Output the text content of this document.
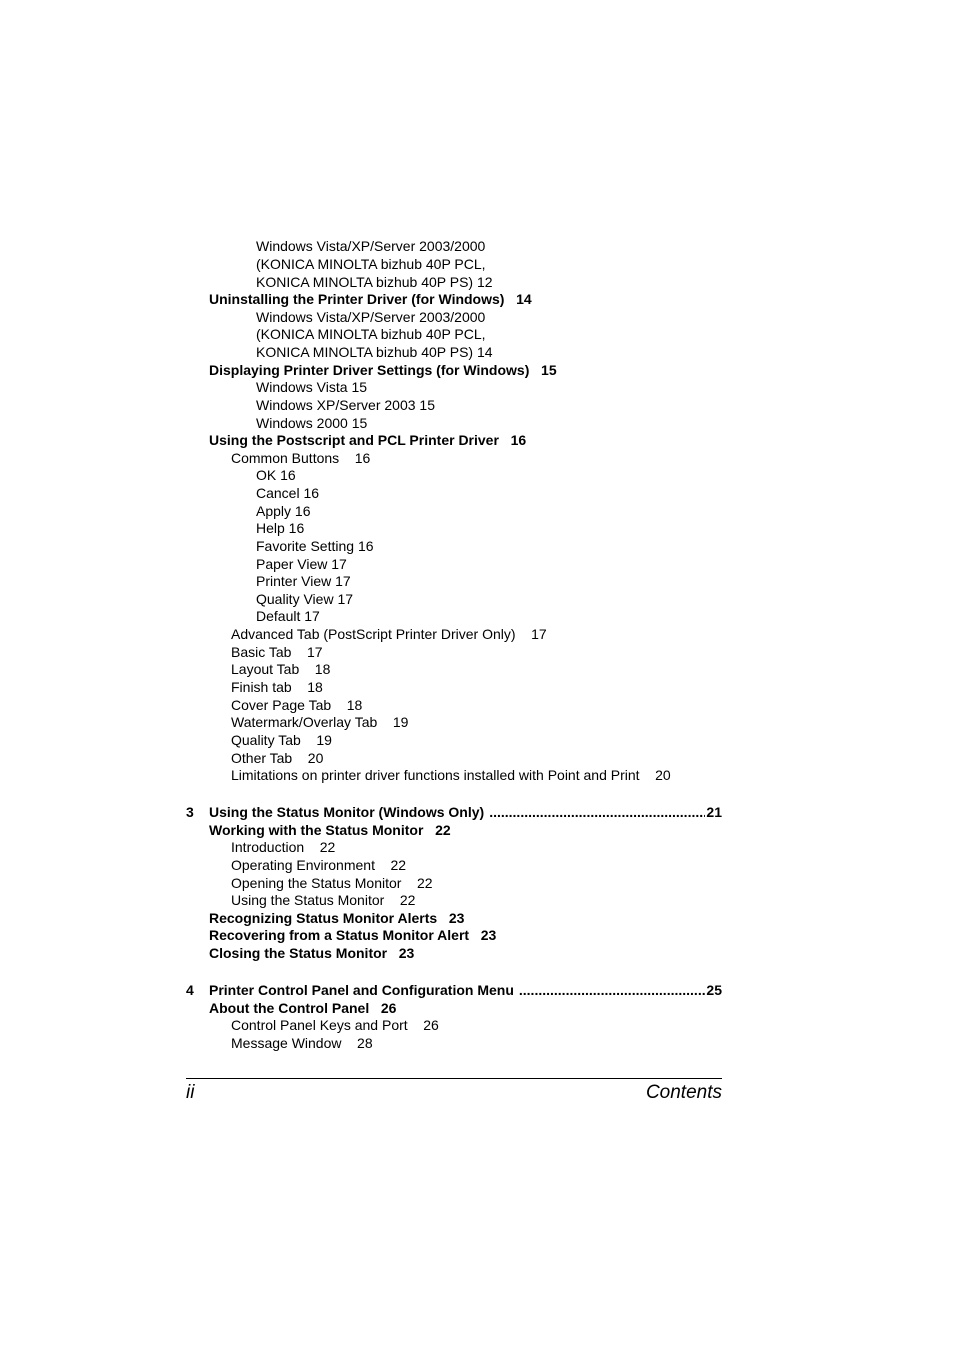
Windows Vista/XP/Server 2003/2000
(KONICA MINOLTA bizhub 40P PCL,
KONICA MINOLTA bizhub 40P PS) 12
Uninstalling the Printer Driver (for Windows)   14
Windows Vista/XP/Server 2003/2000
(KONICA MINOLTA bizhub 40P PCL,
KONICA MINOLTA bizhub 40P PS) 14
Displaying Printer Driver Settings (for Windows)   15
Windows Vista 15
Windows XP/Server 2003 15
Windows 2000 15
Using the Postscript and PCL Printer Driver   16
Common Buttons    16
OK 16
Cancel 16
Apply 16
Help 16
Favorite Setting 16
Paper View 17
Printer View 17
Quality View 17
Default 17
Advanced Tab (PostScript Printer Driver Only)    17
Basic Tab    17
Layout Tab    18
Finish tab    18
Cover Page Tab    18
Watermark/Overlay Tab    19
Quality Tab    19
Other Tab    20
Limitations on printer driver functions installed with Point and Print    20
3	Using the Status Monitor (Windows Only) .....	21
Working with the Status Monitor   22
Introduction    22
Operating Environment    22
Opening the Status Monitor    22
Using the Status Monitor    22
Recognizing Status Monitor Alerts   23
Recovering from a Status Monitor Alert   23
Closing the Status Monitor   23
4	Printer Control Panel and Configuration Menu .....	25
About the Control Panel   26
Control Panel Keys and Port    26
Message Window    28
ii	Contents
